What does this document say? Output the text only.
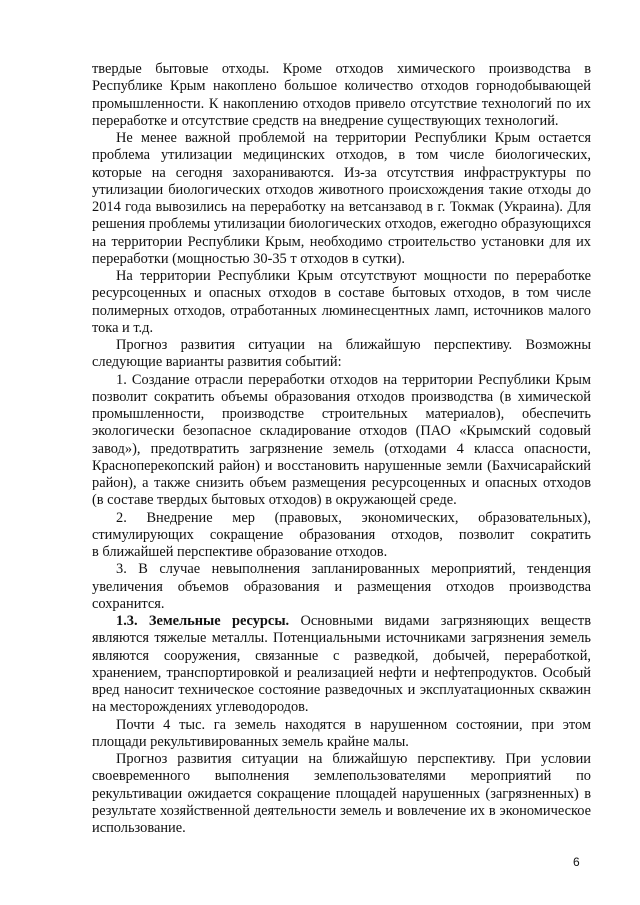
твердые бытовые отходы. Кроме отходов химического производства в
Республике Крым накоплено большое количество отходов горнодобывающей
промышленности. К накоплению отходов привело отсутствие технологий по их
переработке и отсутствие средств на внедрение существующих технологий.
Не менее важной проблемой на территории Республики Крым остается
проблема утилизации медицинских отходов, в том числе биологических,
которые на сегодня захораниваются. Из-за отсутствия инфраструктуры по
утилизации биологических отходов животного происхождения такие отходы до
2014 года вывозились на переработку на ветсанзавод в г. Токмак (Украина). Для
решения проблемы утилизации биологических отходов, ежегодно образующихся
на территории Республики Крым, необходимо строительство установки для их
переработки (мощностью 30-35 т отходов в сутки).
На территории Республики Крым отсутствуют мощности по переработке
ресурсоценных и опасных отходов в составе бытовых отходов, в том числе
полимерных отходов, отработанных люминесцентных ламп, источников малого
тока и т.д.
Прогноз развития ситуации на ближайшую перспективу. Возможны
следующие варианты развития событий:
1. Создание отрасли переработки отходов на территории Республики Крым
позволит сократить объемы образования отходов производства (в химической
промышленности, производстве строительных материалов), обеспечить
экологически безопасное складирование отходов (ПАО «Крымский содовый
завод»), предотвратить загрязнение земель (отходами 4 класса опасности,
Красноперекопский район) и восстановить нарушенные земли (Бахчисарайский
район), а также снизить объем размещения ресурсоценных и опасных отходов
(в составе твердых бытовых отходов) в окружающей среде.
2. Внедрение мер (правовых, экономических, образовательных),
стимулирующих сокращение образования отходов, позволит сократить
в ближайшей перспективе образование отходов.
3. В случае невыполнения запланированных мероприятий, тенденция
увеличения объемов образования и размещения отходов производства
сохранится.
1.3. Земельные ресурсы. Основными видами загрязняющих веществ
являются тяжелые металлы. Потенциальными источниками загрязнения земель
являются сооружения, связанные с разведкой, добычей, переработкой,
хранением, транспортировкой и реализацией нефти и нефтепродуктов. Особый
вред наносит техническое состояние разведочных и эксплуатационных скважин
на месторождениях углеводородов.
Почти 4 тыс. га земель находятся в нарушенном состоянии, при этом
площади рекультивированных земель крайне малы.
Прогноз развития ситуации на ближайшую перспективу. При условии
своевременного выполнения землепользователями мероприятий по
рекультивации ожидается сокращение площадей нарушенных (загрязненных) в
результате хозяйственной деятельности земель и вовлечение их в экономическое
использование.
6
